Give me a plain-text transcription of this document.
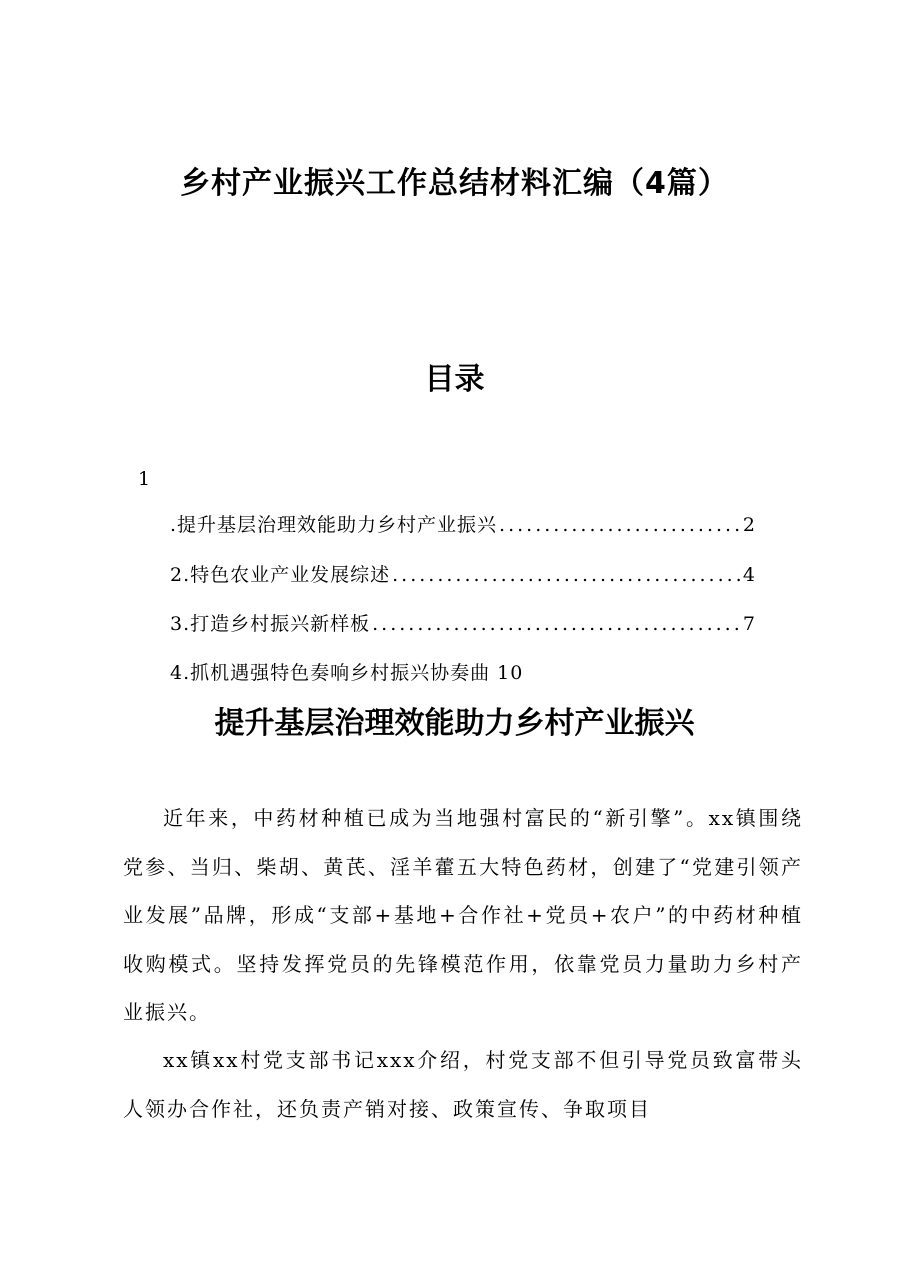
乡村产业振兴工作总结材料汇编（4篇）
目录
1
.提升基层治理效能助力乡村产业振兴 .....	2
2.特色农业产业发展综述 .....	4
3.打造乡村振兴新样板 .....	7
4.抓机遇强特色奏响乡村振兴协奏曲 10
提升基层治理效能助力乡村产业振兴

近年来，中药材种植已成为当地强村富民的“新引擎”。xx镇围绕党参、当归、柴胡、黄芪、淫羊藿五大特色药材，创建了“党建引领产业发展”品牌，形成“支部+基地+合作社+党员+农户”的中药材种植收购模式。坚持发挥党员的先锋模范作用，依靠党员力量助力乡村产业振兴。

xx镇xx村党支部书记xxx介绍，村党支部不但引导党员致富带头人领办合作社，还负责产销对接、政策宣传、争取项目
